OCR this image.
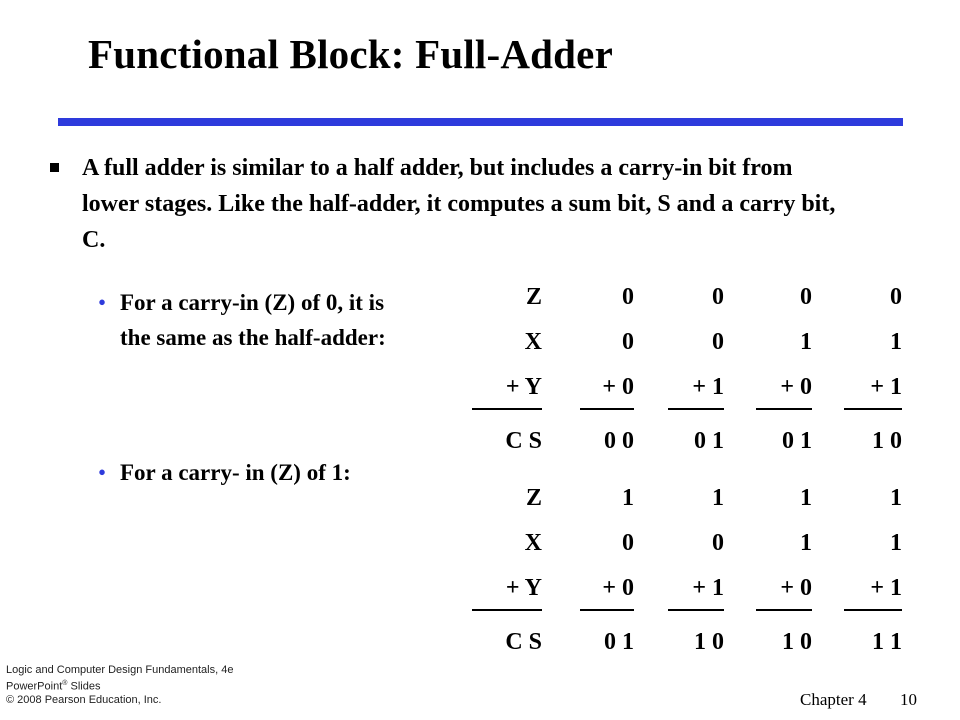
Functional Block: Full-Adder
A full adder is similar to a half adder, but includes a carry-in bit from lower stages. Like the half-adder, it computes a sum bit, S and a carry bit, C.
• For a carry-in (Z) of 0, it is the same as the half-adder:
• For a carry- in (Z) of 1:
Z	0	0	0	0
X	0	0	1	1
+ Y	+ 0	+ 1	+ 0	+ 1
C S	0 0	0 1	0 1	1 0
Z	1	1	1	1
X	0	0	1	1
+ Y	+ 0	+ 1	+ 0	+ 1
C S	0 1	1 0	1 0	1 1
Logic and Computer Design Fundamentals, 4e
PowerPoint® Slides
© 2008 Pearson Education, Inc.	Chapter 4 10
